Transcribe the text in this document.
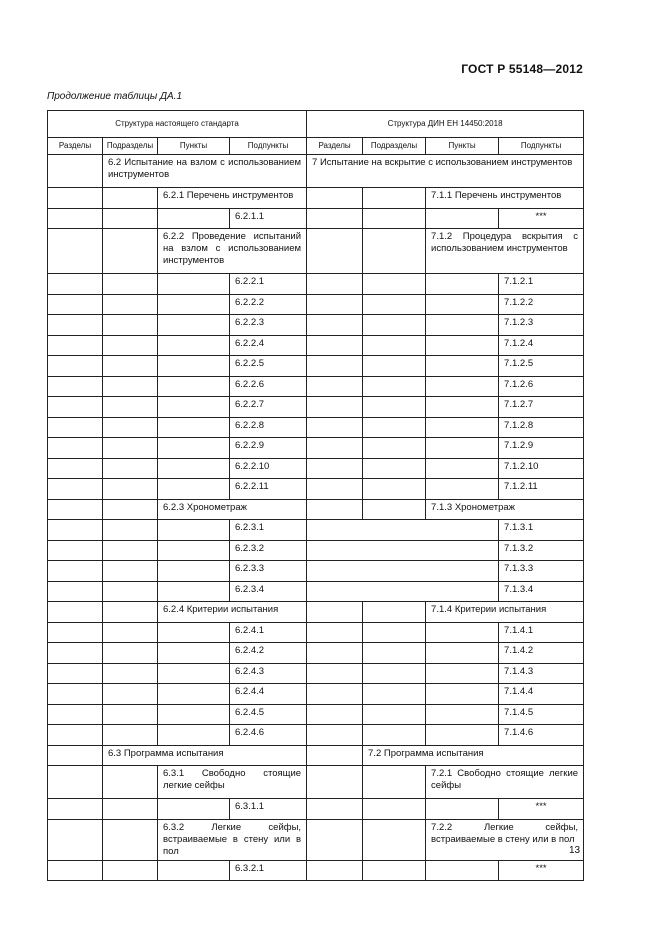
ГОСТ Р 55148—2012
Продолжение таблицы ДА.1
Структура настоящего стандарта				Структура ДИН ЕН 14450:2018			
Разделы	Подразделы	Пункты	Подпункты	Разделы	Подразделы	Пункты	Подпункты
	6.2 Испытание на взлом с использованием инструментов			7 Испытание на вскрытие с использованием инструментов			
		6.2.1 Перечень инструментов				7.1.1 Перечень инструментов	
			6.2.1.1				***
		6.2.2 Проведение испытаний на взлом с использованием инструментов				7.1.2 Процедура вскрытия с использованием инструментов	
			6.2.2.1				7.1.2.1
			6.2.2.2				7.1.2.2
			6.2.2.3				7.1.2.3
			6.2.2.4				7.1.2.4
			6.2.2.5				7.1.2.5
			6.2.2.6				7.1.2.6
			6.2.2.7				7.1.2.7
			6.2.2.8				7.1.2.8
			6.2.2.9				7.1.2.9
			6.2.2.10				7.1.2.10
			6.2.2.11				7.1.2.11
		6.2.3 Хронометраж				7.1.3 Хронометраж	
			6.2.3.1				7.1.3.1
			6.2.3.2				7.1.3.2
			6.2.3.3				7.1.3.3
			6.2.3.4				7.1.3.4
		6.2.4 Критерии испытания				7.1.4 Критерии испытания	
			6.2.4.1				7.1.4.1
			6.2.4.2				7.1.4.2
			6.2.4.3				7.1.4.3
			6.2.4.4				7.1.4.4
			6.2.4.5				7.1.4.5
			6.2.4.6				7.1.4.6
	6.3 Программа испытания				7.2 Программа испытания		
		6.3.1 Свободно стоящие легкие сейфы				7.2.1 Свободно стоящие легкие сейфы	
			6.3.1.1				***
		6.3.2 Легкие сейфы, встраиваемые в стену или в пол				7.2.2 Легкие сейфы, встраиваемые в стену или в пол	
			6.3.2.1				***
13
